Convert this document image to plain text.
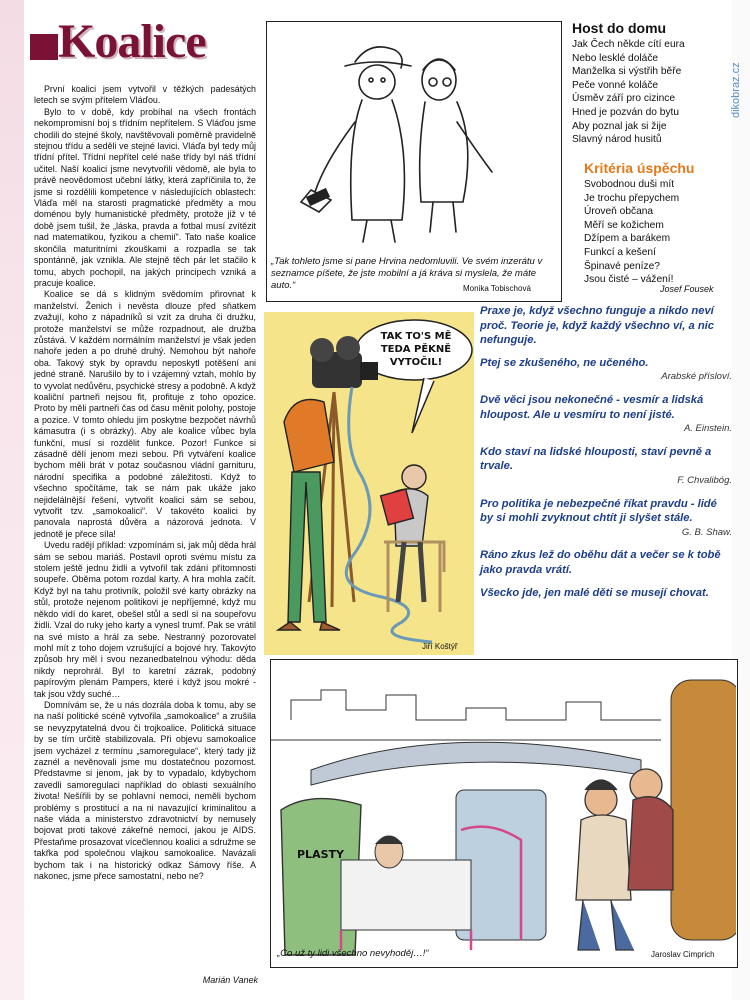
Koalice

První koalici jsem vytvořil v těžkých padesátých letech se svým přítelem Vláďou.

Bylo to v době, kdy probíhal na všech frontách nekompromisní boj s třídním nepřítelem. S Vláďou jsme chodili do stejné školy, navštěvovali poměrně pravidelně stejnou třídu a seděli ve stejné lavici. Vláďa byl tedy můj třídní přítel. Třídní nepřítel celé naše třídy byl náš třídní učitel. Naší koalici jsme nevytvořili vědomě, ale byla to právě neovědomost učební látky, která zapříčinila to, že jsme si rozdělili kompetence v následujících oblastech: Vláďa měl na starosti pragmatické předměty a mou doménou byly humanistické předměty, protože již v té době jsem tušil, že „láska, pravda a fotbal musí zvítězit nad matematikou, fyzikou a chemií“. Tato naše koalice skončila maturitními zkouškami a rozpadla se tak spontánně, jak vznikla. Ale stejně těch pár let stačilo k tomu, abych pochopil, na jakých principech vzniká a pracuje koalice.

Koalice se dá s klidným svědomím přirovnat k manželství. Ženich i nevěsta dlouze před sňatkem zvažují, koho z nápadníků si vzít za druha či družku, protože manželství se může rozpadnout, ale družba zůstává. V každém normálním manželství je však jeden nahoře jeden a po druhé druhý. Nemohou být nahoře oba. Takový styk by opravdu neposkytl potěšení ani jedné straně. Narušilo by to i vzájemný vztah, mohlo by to vyvolat nedůvěru, psychické stresy a podobně. A když koaliční partneři nejsou fit, profituje z toho opozice. Proto by měli partneři čas od času měnit polohy, postoje a pozice. V tomto ohledu jim poskytne bezpočet návrhů kámasutra (i s obrázky). Aby ale koalice vůbec byla funkční, musí si rozdělit funkce. Pozor! Funkce si zásadně dělí jenom mezi sebou. Při vytváření koalice bychom měli brát v potaz současnou vládní garnituru, národní specifika a podobné záležitosti. Když to všechno spočítáme, tak se nám pak ukáže jako nejidelálnější řešení, vytvořit koalici sám se sebou, vytvořit tzv. „samokoalici“. V takovéto koalici by panovala naprostá důvěra a názorová jednota. V jednotě je přece síla!

Uvedu radějí příklad: vzpomínám si, jak můj děda hrál sám se sebou mariáš. Postavil oproti svému místu za stolem ještě jednu židli a vytvořil tak zdání přítomnosti soupeře. Oběma potom rozdal karty. A hra mohla začít. Když byl na tahu protivník, položil své karty obrázky na stůl, protože nejenom politikovi je nepříjemné, když mu někdo vidí do karet, obešel stůl a sedl si na soupeřovu židli. Vzal do ruky jeho karty a vynesl trumf. Pak se vrátil na své místo a hrál za sebe. Nestranný pozorovatel mohl mít z toho dojem vzrušující a bojové hry. Takovýto způsob hry měl i svou nezanedbatelnou výhodu: děda nikdy neprohrál. Byl to karetní zázrak, podobný papírovým plenám Pampers, které i když jsou mokré - tak jsou vždy suché…

Domnívám se, že u nás dozrála doba k tomu, aby se na naší politické scéně vytvořila „samokoalice“ a zrušila se nevyzpytatelná dvou či trojkoalice. Politická situace by se tím určitě stabilizovala. Při objevu samokoalice jsem vycházel z termínu „samoregulace“, který tady již zaznél a nevěnovali jsme mu dostatečnou pozornost. Představme si jenom, jak by to vypadalo, kdybychom zavedli samoregulaci například do oblasti sexuálního života! Nešířili by se pohlavní nemoci, neměli bychom problémy s prostitucí a na ni navazující kriminalitou a naše vláda a ministerstvo zdravotnictví by nemusely bojovat proti takové zákeřné nemoci, jakou je AIDS. Přestaňme prosazovat vícečlennou koalici a sdružme se takřka pod společnou vlajkou samokoalice. Navázali bychom tak i na historický odkaz Sámovy říše. A nakonec, jsme přece samostatní, nebo ne?

Marián Vanek
„Tak tohleto jsme si pane Hrvina nedomluvili. Ve svém inzerátu v seznamce píšete, že jste mobilní a já kráva si myslela, že máte auto.“	Monika Tobischová
Host do domu
Jak Čech někde cítí eura
Nebo lesklé doláče
Manželka si výstřih běře
Peče vonné koláče
Úsměv září pro cizince
Hned je pozván do bytu
Aby poznal jak si žije
Slavný národ husitů
Kritéria úspěchu
Svobodnou duši mít
Je trochu přepychem
Úroveň občana
Měří se kožichem
Džípem a barákem
Funkcí a kešení
Špinavé peníze?
Jsou čisté – vážení!
Josef Fousek
dikobraz.cz
TAK TO'S MĚ TEDA PĚKNĚ VYTOČIL!
Jiří Koštýř
Praxe je, když všechno funguje a nikdo neví proč. Teorie je, když každý všechno ví, a nic nefunguje.
Ptej se zkušeného, ne učeného.
Arabské přísloví.
Dvě věci jsou nekonečné - vesmír a lidská hloupost. Ale u vesmíru to není jisté.
A. Einstein.
Kdo staví na lidské hlouposti, staví pevně a trvale.
F. Chvalibóg.
Pro politika je nebezpečné říkat pravdu - lidé by si mohli zvyknout chtít ji slyšet stále.
G. B. Shaw.
Ráno zkus lež do oběhu dát a večer se k tobě jako pravda vrátí.
Všecko jde, jen malé děti se musejí chovat.
PLASTY
„Co už ty lidi všechno nevyhoděj…!“	Jaroslav Cimprich
